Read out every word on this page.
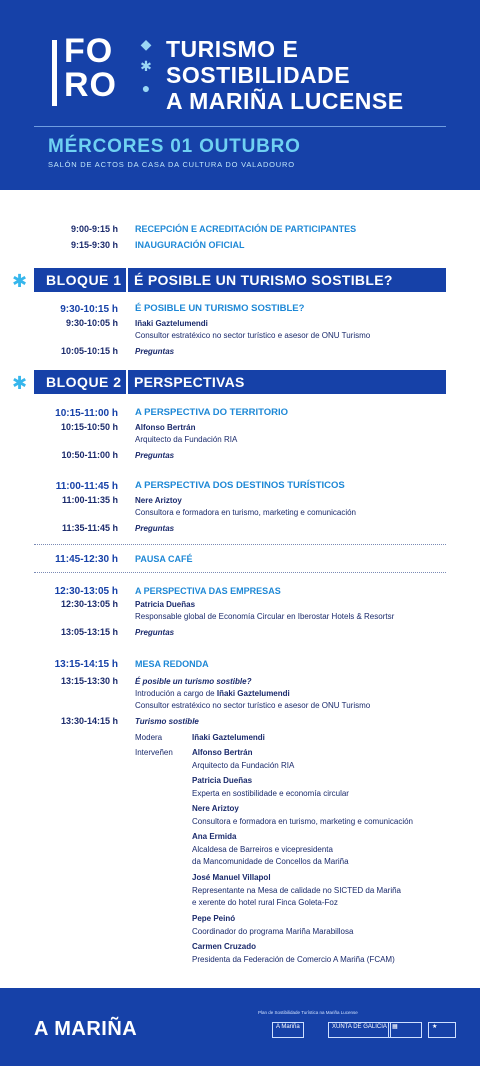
FO
RO
◆
✱
●
TURISMO E
SOSTIBILIDADE
A MARIÑA LUCENSE
MÉRCORES 01 OUTUBRO
SALÓN DE ACTOS DA CASA DA CULTURA DO VALADOURO
9:00-9:15 h RECEPCIÓN E ACREDITACIÓN DE PARTICIPANTES
9:15-9:30 h INAUGURACIÓN OFICIAL
✱ BLOQUE 1 É POSIBLE UN TURISMO SOSTIBLE?
9:30-10:15 h É POSIBLE UN TURISMO SOSTIBLE?
9:30-10:05 h Iñaki Gaztelumendi
Consultor estratéxico no sector turístico e asesor de ONU Turismo
10:05-10:15 h Preguntas
✱ BLOQUE 2 PERSPECTIVAS
10:15-11:00 h A PERSPECTIVA DO TERRITORIO
10:15-10:50 h Alfonso Bertrán
Arquitecto da Fundación RIA
10:50-11:00 h Preguntas
11:00-11:45 h A PERSPECTIVA DOS DESTINOS TURÍSTICOS
11:00-11:35 h Nere Ariztoy
Consultora e formadora en turismo, marketing e comunicación
11:35-11:45 h Preguntas
11:45-12:30 h PAUSA CAFÉ
12:30-13:05 h A PERSPECTIVA DAS EMPRESAS
12:30-13:05 h Patricia Dueñas
Responsable global de Economía Circular en Iberostar Hotels & Resortsr
13:05-13:15 h Preguntas
13:15-14:15 h MESA REDONDA
13:15-13:30 h É posible un turismo sostible?
Introdución a cargo de Iñaki Gaztelumendi
Consultor estratéxico no sector turístico e asesor de ONU Turismo
13:30-14:15 h Turismo sostible
Modera	Iñaki Gaztelumendi
Interveñen Alfonso Bertrán
Arquitecto da Fundación RIA
Patricia Dueñas
Experta en sostibilidade e economía circular
Nere Ariztoy
Consultora e formadora en turismo, marketing e comunicación
Ana Ermida
Alcaldesa de Barreiros e vicepresidenta
da Mancomunidade de Concellos da Mariña
José Manuel Villapol
Representante na Mesa de calidade no SICTED da Mariña
e xerente do hotel rural Finca Goleta-Foz
Pepe Peinó
Coordinador do programa Mariña Marabillosa
Carmen Cruzado
Presidenta da Federación de Comercio A Mariña (FCAM)
A MARIÑA
Plan de Sostibilidade Turística na Mariña Lucense
A Mariña	XUNTA DE GALICIA ▦	★
